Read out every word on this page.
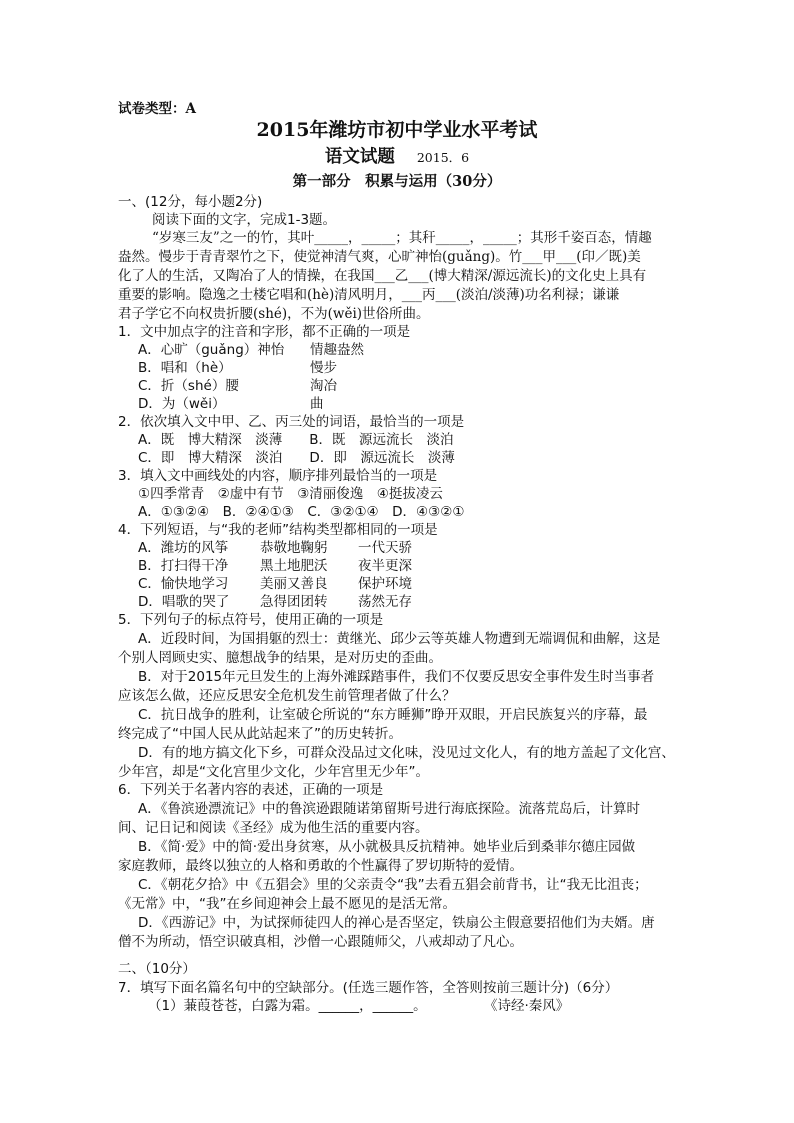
试卷类型：A
2015年潍坊市初中学业水平考试
语文试题 2015．6
第一部分　积累与运用（30分）
一、(12分，每小题2分)
阅读下面的文字，完成1-3题。
“岁寒三友”之一的竹，其叶_____，_____；其秆_____，_____；其形千姿百态，情趣
盎然。慢步于青青翠竹之下，使觉神清气爽，心旷神怡(guǎng)。竹___甲___(印／既)美
化了人的生活，又陶冶了人的情操，在我国___乙___(博大精深/源远流长)的文化史上具有
重要的影响。隐逸之士楼它唱和(hè)清风明月，___丙___(淡泊/淡薄)功名利禄；谦谦
君子学它不向权贵折腰(shé)，不为(wěi)世俗所曲。
1．文中加点字的注音和字形，都不正确的一项是
A．心旷（guǎng）神怡 情趣盎然
B．唱和（hè）	慢步
C．折（shé）腰	淘冶
D．为（wěi）	曲
2．依次填入文中甲、乙、丙三处的词语，最恰当的一项是
A．既　博大精深　淡薄　　B．既　源远流长　淡泊
C．即　博大精深　淡泊　　D．即　源远流长　淡薄
3．填入文中画线处的内容，顺序排列最恰当的一项是
①四季常青　②虚中有节　③清丽俊逸　④挺拔凌云
A．①③②④　B．②④①③　C．③②①④　D．④③②①
4．下列短语，与“我的老师”结构类型都相同的一项是
A．潍坊的风筝 恭敬地鞠躬 一代天骄
B．打扫得干净 黑土地肥沃 夜半更深
C．愉快地学习 美丽又善良 保护环境
D．唱歌的哭了 急得团团转 荡然无存
5．下列句子的标点符号，使用正确的一项是
A．近段时间，为国捐躯的烈士：黄继光、邱少云等英雄人物遭到无端调侃和曲解，这是
个别人罔顾史实、臆想战争的结果，是对历史的歪曲。
B．对于2015年元旦发生的上海外滩踩踏事件，我们不仅要反思安全事件发生时当事者
应该怎么做，还应反思安全危机发生前管理者做了什么？
C．抗日战争的胜利，让室破仑所说的“东方睡狮”睁开双眼，开启民族复兴的序幕，最
终完成了“中国人民从此站起来了”的历史转折。
D．有的地方搞文化下乡，可群众没品过文化味，没见过文化人，有的地方盖起了文化宫、
少年宫，却是“文化宫里少文化，少年宫里无少年”。
6．下列关于名著内容的表述，正确的一项是
A．《鲁滨逊漂流记》中的鲁滨逊跟随诺第留斯号进行海底探险。流落荒岛后，计算时
间、记日记和阅读《圣经》成为他生活的重要内容。
B．《简·爱》中的简·爱出身贫寒，从小就极具反抗精神。她毕业后到桑菲尔德庄园做
家庭教师，最终以独立的人格和勇敢的个性赢得了罗切斯特的爱情。
C．《朝花夕拾》中《五猖会》里的父亲责令“我”去看五猖会前背书，让“我无比沮丧；
《无常》中，“我”在乡间迎神会上最不愿见的是活无常。
D．《西游记》中，为试探师徒四人的禅心是否坚定，铁扇公主假意要招他们为夫婿。唐
僧不为所动，悟空识破真相，沙僧一心跟随师父，八戒却动了凡心。
二、（10分）
7．填写下面名篇名句中的空缺部分。(任选三题作答，全答则按前三题计分)（6分）
（1）蒹葭苍苍，白露为霜。______，______。	《诗经·秦风》
